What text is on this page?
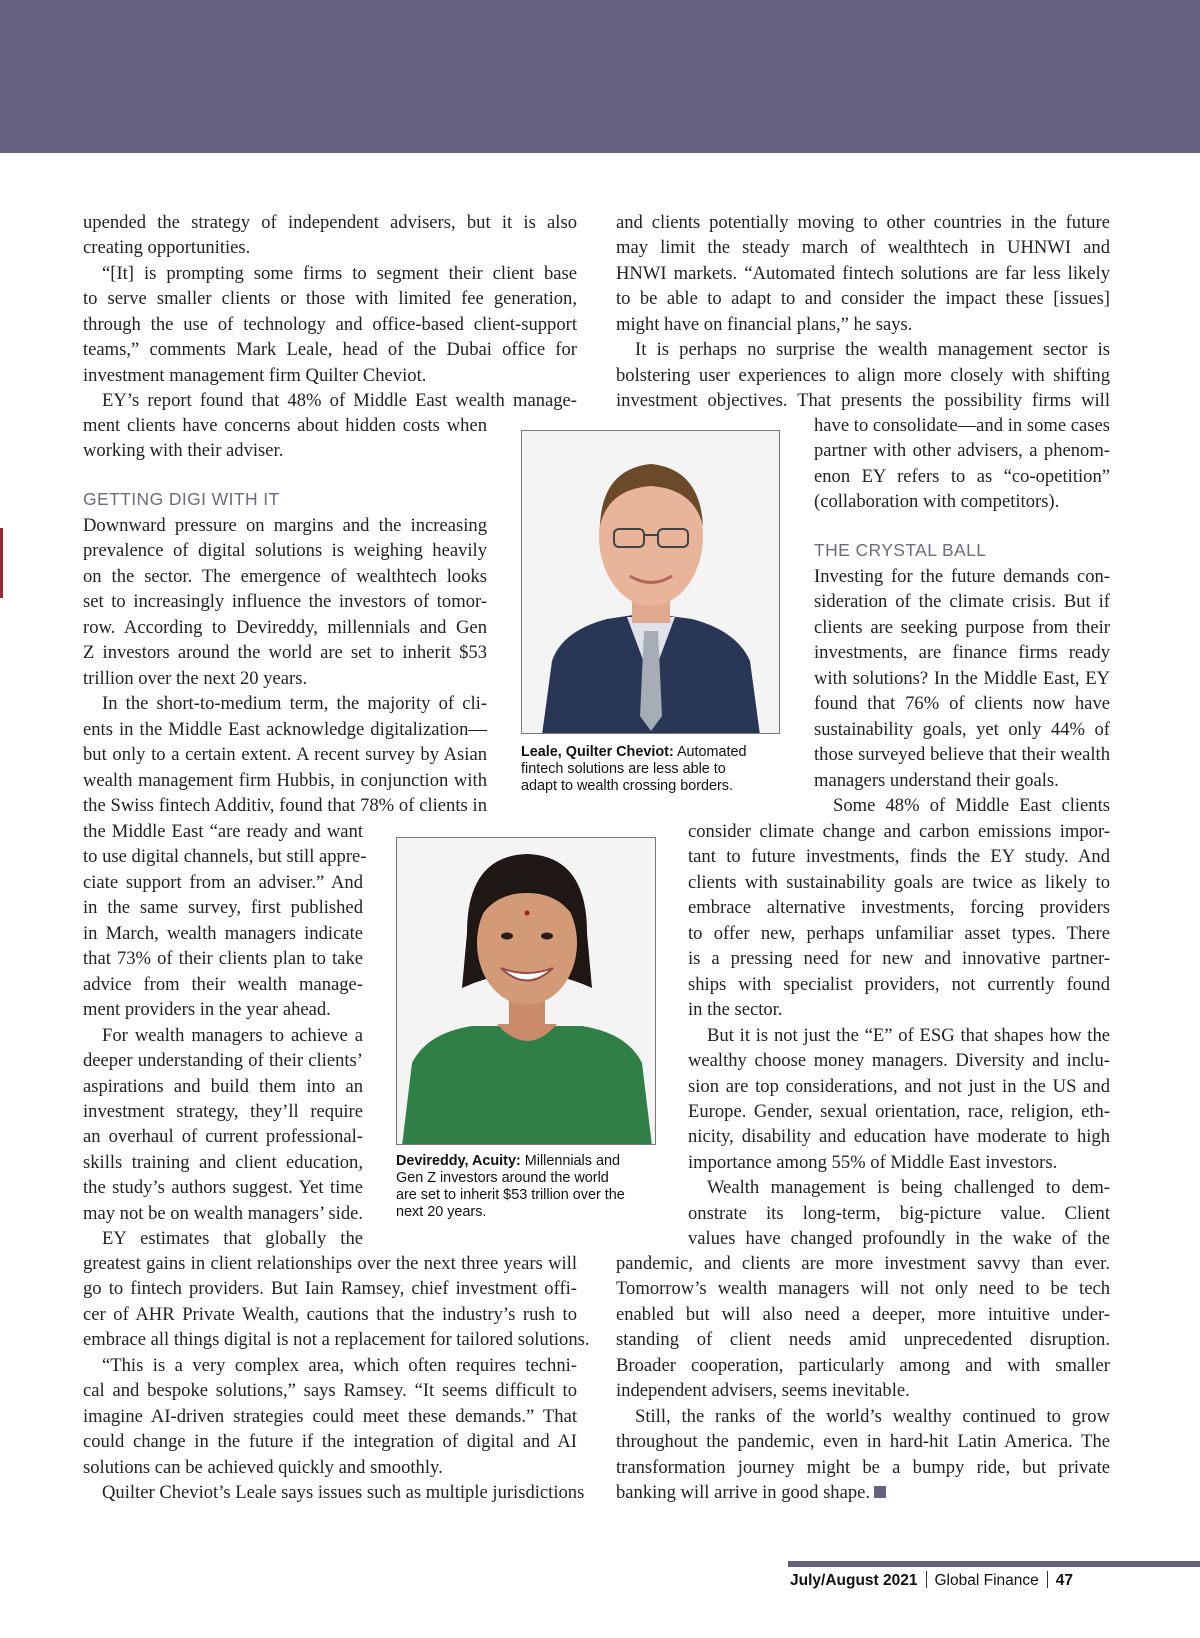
upended the strategy of independent advisers, but it is also

creating opportunities.

“[It] is prompting some firms to segment their client base

to serve smaller clients or those with limited fee generation,

through the use of technology and office-based client-support

teams,” comments Mark Leale, head of the Dubai office for

investment management firm Quilter Cheviot.

EY’s report found that 48% of Middle East wealth manage-

ment clients have concerns about hidden costs when

working with their adviser.

GETTING DIGI WITH IT

Downward pressure on margins and the increasing

prevalence of digital solutions is weighing heavily

on the sector. The emergence of wealthtech looks

set to increasingly influence the investors of tomor-

row. According to Devireddy, millennials and Gen

Z investors around the world are set to inherit $53

trillion over the next 20 years.

In the short-to-medium term, the majority of cli-

ents in the Middle East acknowledge digitalization—

but only to a certain extent. A recent survey by Asian

wealth management firm Hubbis, in conjunction with

the Swiss fintech Additiv, found that 78% of clients in

the Middle East “are ready and want

to use digital channels, but still appre-

ciate support from an adviser.” And

in the same survey, first published

in March, wealth managers indicate

that 73% of their clients plan to take

advice from their wealth manage-

ment providers in the year ahead.

For wealth managers to achieve a

deeper understanding of their clients’

aspirations and build them into an

investment strategy, they’ll require

an overhaul of current professional-

skills training and client education,

the study’s authors suggest. Yet time

may not be on wealth managers’ side.

EY estimates that globally the

greatest gains in client relationships over the next three years will

go to fintech providers. But Iain Ramsey, chief investment offi-

cer of AHR Private Wealth, cautions that the industry’s rush to

embrace all things digital is not a replacement for tailored solutions.

“This is a very complex area, which often requires techni-

cal and bespoke solutions,” says Ramsey. “It seems difficult to

imagine AI-driven strategies could meet these demands.” That

could change in the future if the integration of digital and AI

solutions can be achieved quickly and smoothly.

Quilter Cheviot’s Leale says issues such as multiple jurisdictions

and clients potentially moving to other countries in the future

may limit the steady march of wealthtech in UHNWI and

HNWI markets. “Automated fintech solutions are far less likely

to be able to adapt to and consider the impact these [issues]

might have on financial plans,” he says.

It is perhaps no surprise the wealth management sector is

bolstering user experiences to align more closely with shifting

investment objectives. That presents the possibility firms will

have to consolidate—and in some cases

partner with other advisers, a phenom-

enon EY refers to as “co-opetition”

(collaboration with competitors).

THE CRYSTAL BALL

Investing for the future demands con-

sideration of the climate crisis. But if

clients are seeking purpose from their

investments, are finance firms ready

with solutions? In the Middle East, EY

found that 76% of clients now have

sustainability goals, yet only 44% of

those surveyed believe that their wealth

managers understand their goals.

Some 48% of Middle East clients

consider climate change and carbon emissions impor-

tant to future investments, finds the EY study. And

clients with sustainability goals are twice as likely to

embrace alternative investments, forcing providers

to offer new, perhaps unfamiliar asset types. There

is a pressing need for new and innovative partner-

ships with specialist providers, not currently found

in the sector.

But it is not just the “E” of ESG that shapes how the

wealthy choose money managers. Diversity and inclu-

sion are top considerations, and not just in the US and

Europe. Gender, sexual orientation, race, religion, eth-

nicity, disability and education have moderate to high

importance among 55% of Middle East investors.

Wealth management is being challenged to dem-

onstrate its long-term, big-picture value. Client

values have changed profoundly in the wake of the

pandemic, and clients are more investment savvy than ever.

Tomorrow’s wealth managers will not only need to be tech

enabled but will also need a deeper, more intuitive under-

standing of client needs amid unprecedented disruption.

Broader cooperation, particularly among and with smaller

independent advisers, seems inevitable.

Still, the ranks of the world’s wealthy continued to grow

throughout the pandemic, even in hard-hit Latin America. The

transformation journey might be a bumpy ride, but private

banking will arrive in good shape.

Leale, Quilter Cheviot: Automated
fintech solutions are less able to
adapt to wealth crossing borders.
Devireddy, Acuity: Millennials and
Gen Z investors around the world
are set to inherit $53 trillion over the
next 20 years.
July/August 2021 Global Finance 47
